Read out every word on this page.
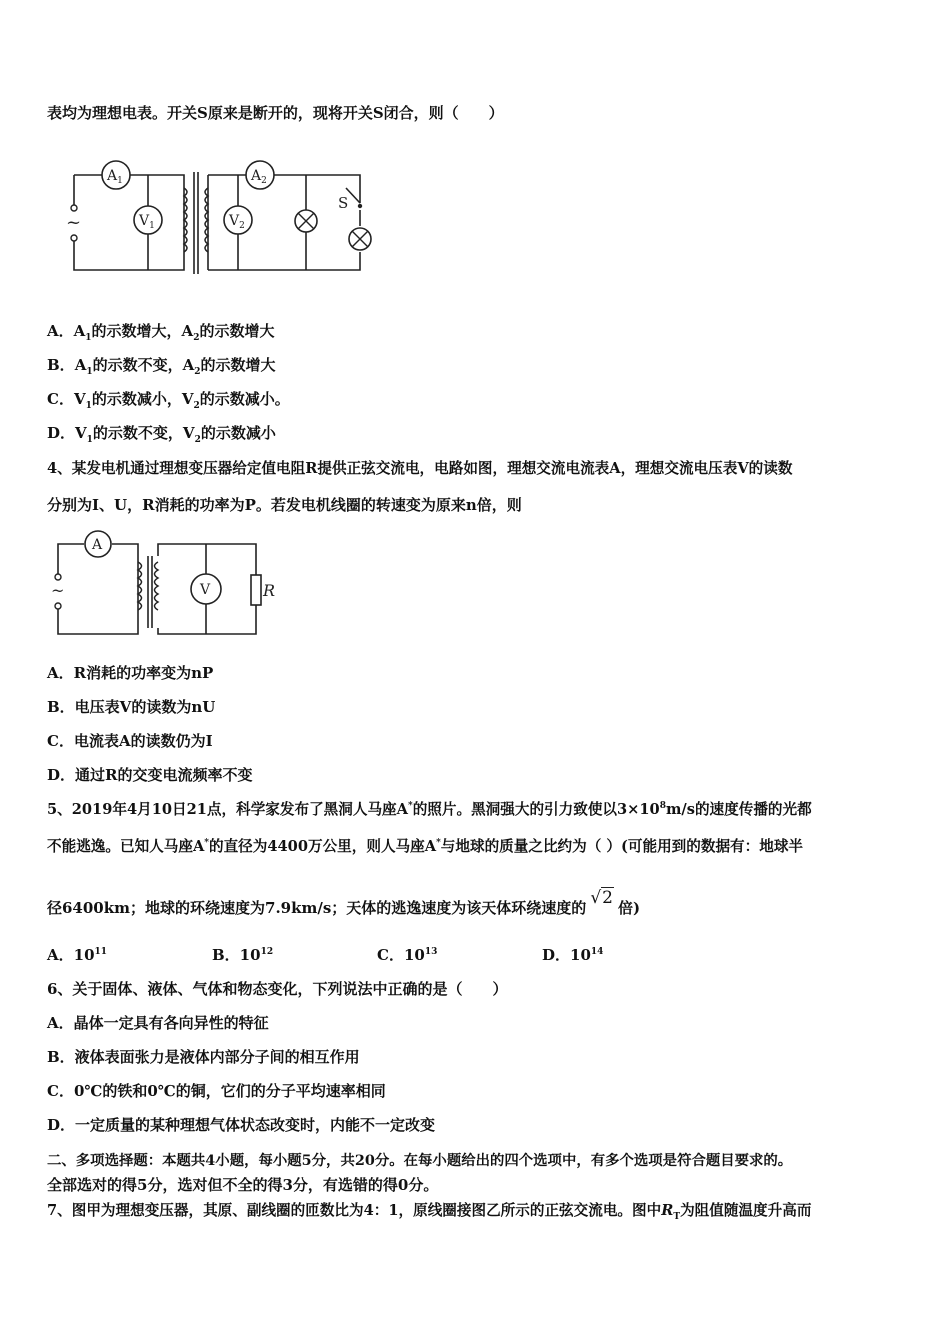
表均为理想电表。开关S原来是断开的，现将开关S闭合，则（　　）
~
$A_1$
$V_1$
$A_2$
$V_2$
S
A．$A_1$的示数增大，$A_2$的示数增大
B．$A_1$的示数不变，$A_2$的示数增大
C．$V_1$的示数减小，$V_2$的示数减小。
D．$V_1$的示数不变，$V_2$的示数减小
4、某发电机通过理想变压器给定值电阻R提供正弦交流电，电路如图，理想交流电流表A，理想交流电压表V的读数
分别为I、U，R消耗的功率为P。若发电机线圈的转速变为原来n倍，则
~
A
V	R
A．R消耗的功率变为nP
B．电压表V的读数为nU
C．电流表A的读数仍为I
D．通过R的交变电流频率不变
5、2019年4月10日21点，科学家发布了黑洞人马座A*的照片。黑洞强大的引力致使以$3\times 10^8m/s$的速度传播的光都
不能逃逸。已知人马座A*的直径为4400万公里，则人马座A*与地球的质量之比约为（ ）(可能用到的数据有：地球半
径6400km；地球的环绕速度为7.9km/s；天体的逃逸速度为该天体环绕速度的 √2 倍)
A．$10^{11}$	B．$10^{12}$	C．$10^{13}$	D．$10^{14}$
6、关于固体、液体、气体和物态变化，下列说法中正确的是（　　）
A．晶体一定具有各向异性的特征
B．液体表面张力是液体内部分子间的相互作用
C．0℃的铁和0℃的铜，它们的分子平均速率相同
D．一定质量的某种理想气体状态改变时，内能不一定改变
二、多项选择题：本题共4小题，每小题5分，共20分。在每小题给出的四个选项中，有多个选项是符合题目要求的。
全部选对的得5分，选对但不全的得3分，有选错的得0分。
7、图甲为理想变压器，其原、副线圈的匝数比为4：1，原线圈接图乙所示的正弦交流电。图中$R_T$为阻值随温度升高而
